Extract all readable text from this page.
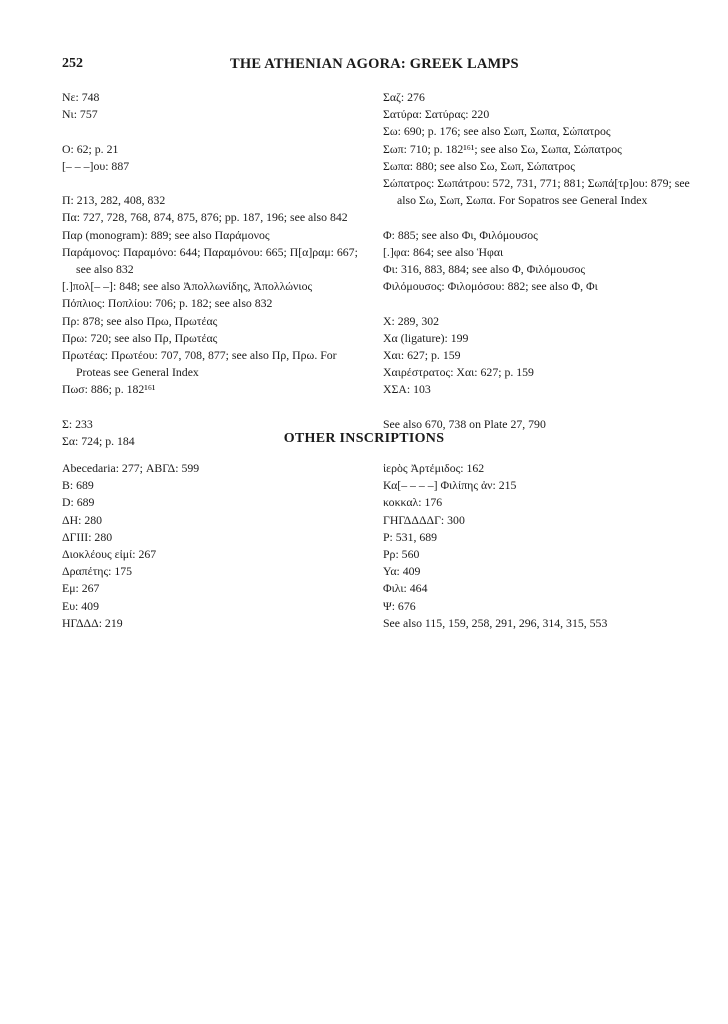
252	THE ATHENIAN AGORA: GREEK LAMPS
Νε: 748
Νι: 757
Ο: 62; p. 21
[– – –]ου: 887
Π: 213, 282, 408, 832
Πα: 727, 728, 768, 874, 875, 876; pp. 187, 196; see also 842
Παρ (monogram): 889; see also Παράμονος
Παράμονος: Παραμόνο: 644; Παραμόνου: 665; Π[α]ραμ: 667; see also 832
[.]πολ[– –]: 848; see also Ἀπολλωνίδης, Ἀπολλώνιος
Πόπλιος: Ποπλίου: 706; p. 182; see also 832
Πρ: 878; see also Πρω, Πρωτέας
Πρω: 720; see also Πρ, Πρωτέας
Πρωτέας: Πρωτέου: 707, 708, 877; see also Πρ, Πρω. For Proteas see General Index
Πωσ: 886; p. 182¹⁶¹
Σ: 233
Σα: 724; p. 184
Σαζ: 276
Σατύρα: Σατύρας: 220
Σω: 690; p. 176; see also Σωπ, Σωπα, Σώπατρος
Σωπ: 710; p. 182¹⁶¹; see also Σω, Σωπα, Σώπατρος
Σωπα: 880; see also Σω, Σωπ, Σώπατρος
Σώπατρος: Σωπάτρου: 572, 731, 771; 881; Σωπά[τρ]ου: 879; see also Σω, Σωπ, Σωπα. For Sopatros see General Index
Φ: 885; see also Φι, Φιλόμουσος
[.]φα: 864; see also Ἡφαι
Φι: 316, 883, 884; see also Φ, Φιλόμουσος
Φιλόμουσος: Φιλομόσου: 882; see also Φ, Φι
Χ: 289, 302
Χα (ligature): 199
Χαι: 627; p. 159
Χαιρέστρατος: Χαι: 627; p. 159
ΧΣΑ: 103
See also 670, 738 on Plate 27, 790
OTHER INSCRIPTIONS
Abecedaria: 277; ΑΒΓΔ: 599
Β: 689
D: 689
ΔΗ: 280
ΔΓΙΙΙ: 280
Διοκλέους εἰμί: 267
Δραπέτης: 175
Εμ: 267
Ευ: 409
ΗΓΔΔΔ: 219
ἱερὸς Ἀρτέμιδος: 162
Κα[– – – –] Φιλίπης ἀν: 215
κοκκαλ: 176
ΓΗΓΔΔΔΔΓ: 300
Ρ: 531, 689
Ρρ: 560
Υα: 409
Φιλι: 464
Ψ: 676
See also 115, 159, 258, 291, 296, 314, 315, 553
